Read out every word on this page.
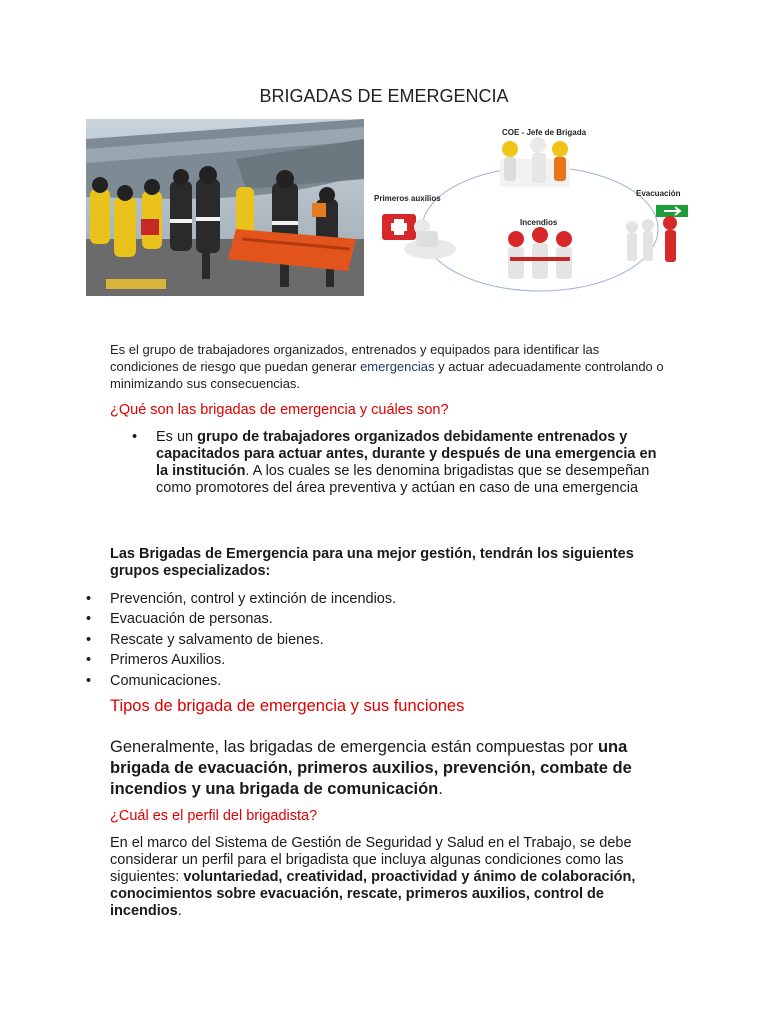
BRIGADAS DE EMERGENCIA
COE - Jefe de Brigada
Primeros auxilios
Incendios
Evacuación

Es el grupo de trabajadores organizados, entrenados y equipados para identificar las condiciones de riesgo que puedan generar emergencias y actuar adecuadamente controlando o minimizando sus consecuencias.

¿Qué son las brigadas de emergencia y cuáles son?
• Es un grupo de trabajadores organizados debidamente entrenados y capacitados para actuar antes, durante y después de una emergencia en la institución. A los cuales se les denomina brigadistas que se desempeñan como promotores del área preventiva y actúan en caso de una emergencia
Las Brigadas de Emergencia para una mejor gestión, tendrán los siguientes grupos especializados:
• Prevención, control y extinción de incendios.
• Evacuación de personas.
• Rescate y salvamento de bienes.
• Primeros Auxilios.
• Comunicaciones.
Tipos de brigada de emergencia y sus funciones

Generalmente, las brigadas de emergencia están compuestas por una brigada de evacuación, primeros auxilios, prevención, combate de incendios y una brigada de comunicación.

¿Cuál es el perfil del brigadista?

En el marco del Sistema de Gestión de Seguridad y Salud en el Trabajo, se debe considerar un perfil para el brigadista que incluya algunas condiciones como las siguientes: voluntariedad, creatividad, proactividad y ánimo de colaboración, conocimientos sobre evacuación, rescate, primeros auxilios, control de incendios.
